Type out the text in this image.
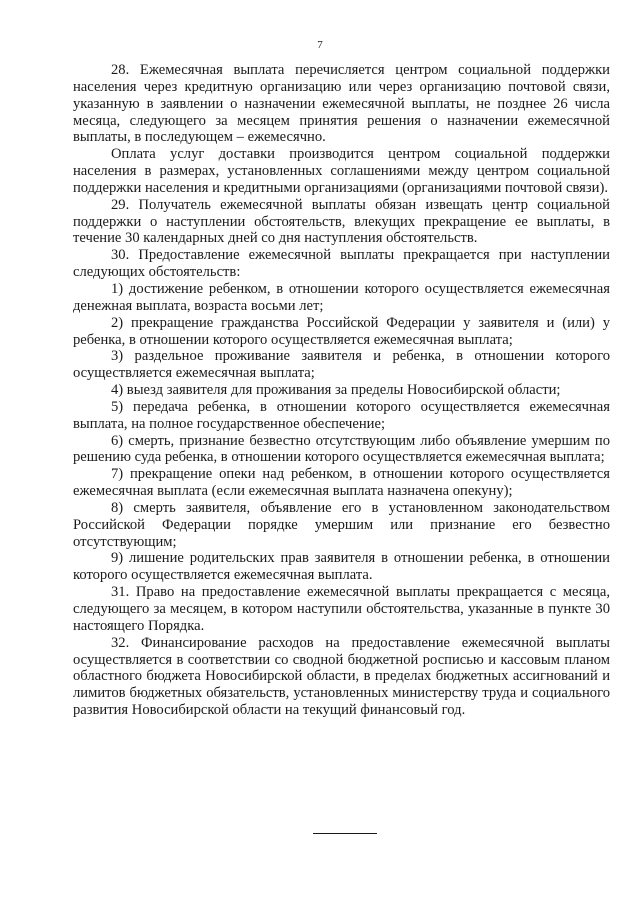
7

28. Ежемесячная выплата перечисляется центром социальной поддержки населения через кредитную организацию или через организацию почтовой связи, указанную в заявлении о назначении ежемесячной выплаты, не позднее 26 числа месяца, следующего за месяцем принятия решения о назначении ежемесячной выплаты, в последующем – ежемесячно.

Оплата услуг доставки производится центром социальной поддержки населения в размерах, установленных соглашениями между центром социальной поддержки населения и кредитными организациями (организациями почтовой связи).

29. Получатель ежемесячной выплаты обязан извещать центр социальной поддержки о наступлении обстоятельств, влекущих прекращение ее выплаты, в течение 30 календарных дней со дня наступления обстоятельств.

30. Предоставление ежемесячной выплаты прекращается при наступлении следующих обстоятельств:

1) достижение ребенком, в отношении которого осуществляется ежемесячная денежная выплата, возраста восьми лет;

2) прекращение гражданства Российской Федерации у заявителя и (или) у ребенка, в отношении которого осуществляется ежемесячная выплата;

3) раздельное проживание заявителя и ребенка, в отношении которого осуществляется ежемесячная выплата;

4) выезд заявителя для проживания за пределы Новосибирской области;

5) передача ребенка, в отношении которого осуществляется ежемесячная выплата, на полное государственное обеспечение;

6) смерть, признание безвестно отсутствующим либо объявление умершим по решению суда ребенка, в отношении которого осуществляется ежемесячная выплата;

7) прекращение опеки над ребенком, в отношении которого осуществляется ежемесячная выплата (если ежемесячная выплата назначена опекуну);

8) смерть заявителя, объявление его в установленном законодательством Российской Федерации порядке умершим или признание его безвестно отсутствующим;

9) лишение родительских прав заявителя в отношении ребенка, в отношении которого осуществляется ежемесячная выплата.

31. Право на предоставление ежемесячной выплаты прекращается с месяца, следующего за месяцем, в котором наступили обстоятельства, указанные в пункте 30 настоящего Порядка.

32. Финансирование расходов на предоставление ежемесячной выплаты осуществляется в соответствии со сводной бюджетной росписью и кассовым планом областного бюджета Новосибирской области, в пределах бюджетных ассигнований и лимитов бюджетных обязательств, установленных министерству труда и социального развития Новосибирской области на текущий финансовый год.
